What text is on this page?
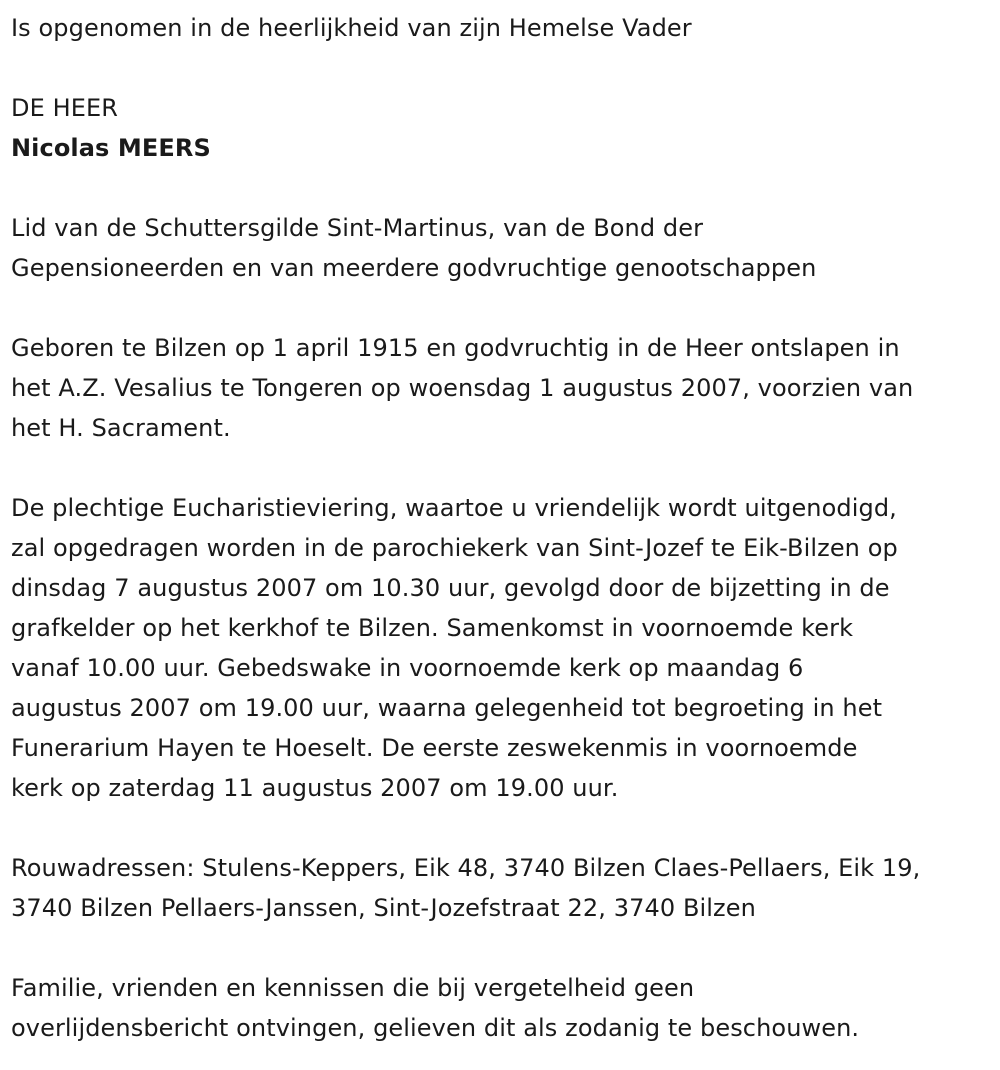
Is opgenomen in de heerlijkheid van zijn Hemelse Vader

DE HEER

Nicolas MEERS

Lid van de Schuttersgilde Sint-Martinus, van de Bond der

Gepensioneerden en van meerdere godvruchtige genootschappen

Geboren te Bilzen op 1 april 1915 en godvruchtig in de Heer ontslapen in

het A.Z. Vesalius te Tongeren op woensdag 1 augustus 2007, voorzien van

het H. Sacrament.

De plechtige Eucharistieviering, waartoe u vriendelijk wordt uitgenodigd,

zal opgedragen worden in de parochiekerk van Sint-Jozef te Eik-Bilzen op

dinsdag 7 augustus 2007 om 10.30 uur, gevolgd door de bijzetting in de

grafkelder op het kerkhof te Bilzen. Samenkomst in voornoemde kerk

vanaf 10.00 uur. Gebedswake in voornoemde kerk op maandag 6

augustus 2007 om 19.00 uur, waarna gelegenheid tot begroeting in het

Funerarium Hayen te Hoeselt. De eerste zeswekenmis in voornoemde

kerk op zaterdag 11 augustus 2007 om 19.00 uur.

Rouwadressen: Stulens-Keppers, Eik 48, 3740 Bilzen Claes-Pellaers, Eik 19,

3740 Bilzen Pellaers-Janssen, Sint-Jozefstraat 22, 3740 Bilzen

Familie, vrienden en kennissen die bij vergetelheid geen

overlijdensbericht ontvingen, gelieven dit als zodanig te beschouwen.
